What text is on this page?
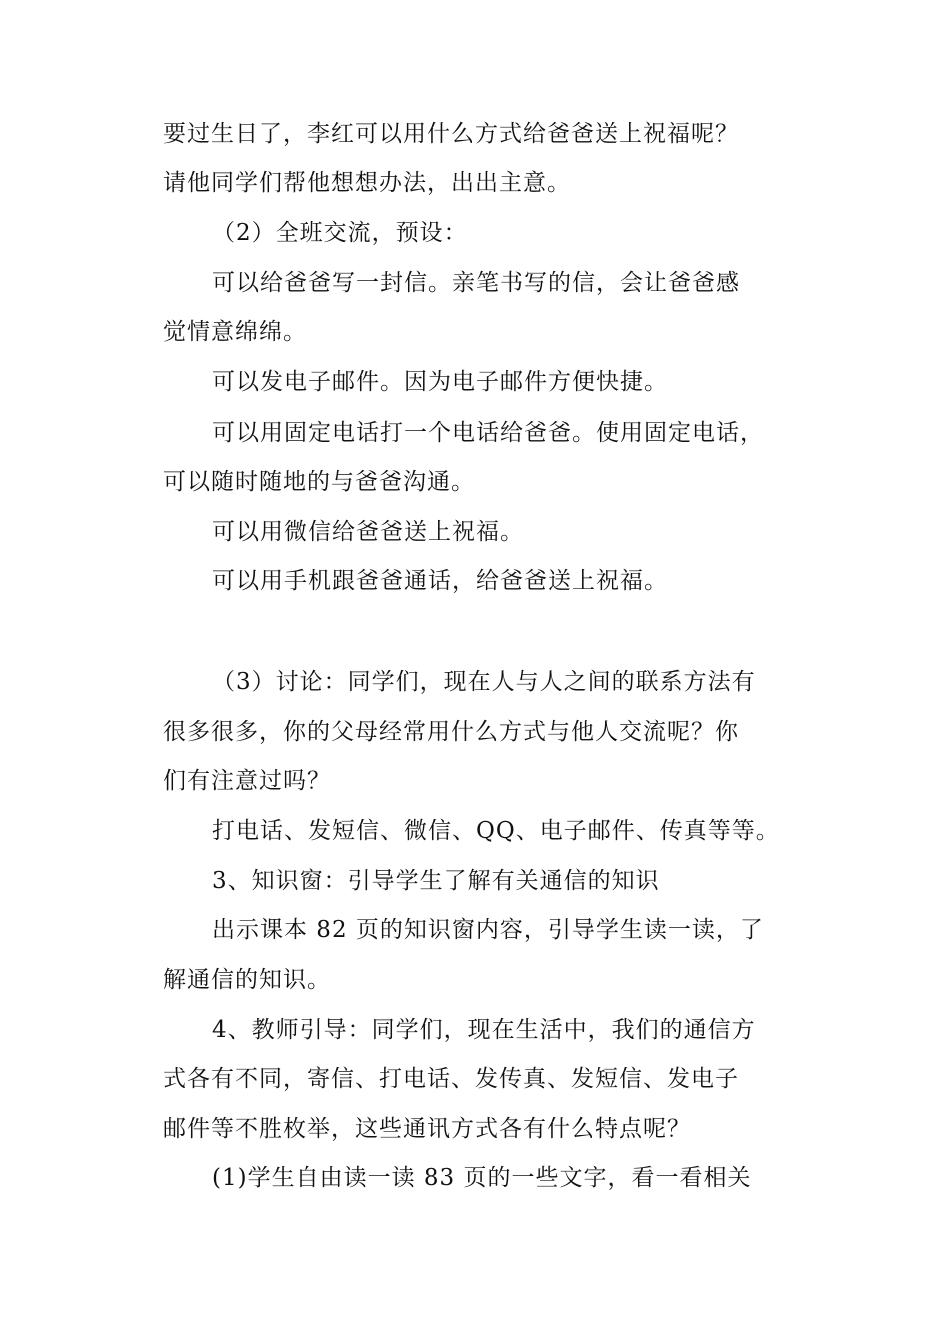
要过生日了，李红可以用什么方式给爸爸送上祝福呢？
请他同学们帮他想想办法，出出主意。
（2）全班交流，预设：
可以给爸爸写一封信。亲笔书写的信，会让爸爸感
觉情意绵绵。
可以发电子邮件。因为电子邮件方便快捷。
可以用固定电话打一个电话给爸爸。使用固定电话，
可以随时随地的与爸爸沟通。
可以用微信给爸爸送上祝福。
可以用手机跟爸爸通话，给爸爸送上祝福。
（3）讨论：同学们，现在人与人之间的联系方法有
很多很多，你的父母经常用什么方式与他人交流呢？你
们有注意过吗？
打电话、发短信、微信、QQ、电子邮件、传真等等。
3、知识窗：引导学生了解有关通信的知识
出示课本 82 页的知识窗内容，引导学生读一读，了
解通信的知识。
4、教师引导：同学们，现在生活中，我们的通信方
式各有不同，寄信、打电话、发传真、发短信、发电子
邮件等不胜枚举，这些通讯方式各有什么特点呢？
(1)学生自由读一读 83 页的一些文字，看一看相关
